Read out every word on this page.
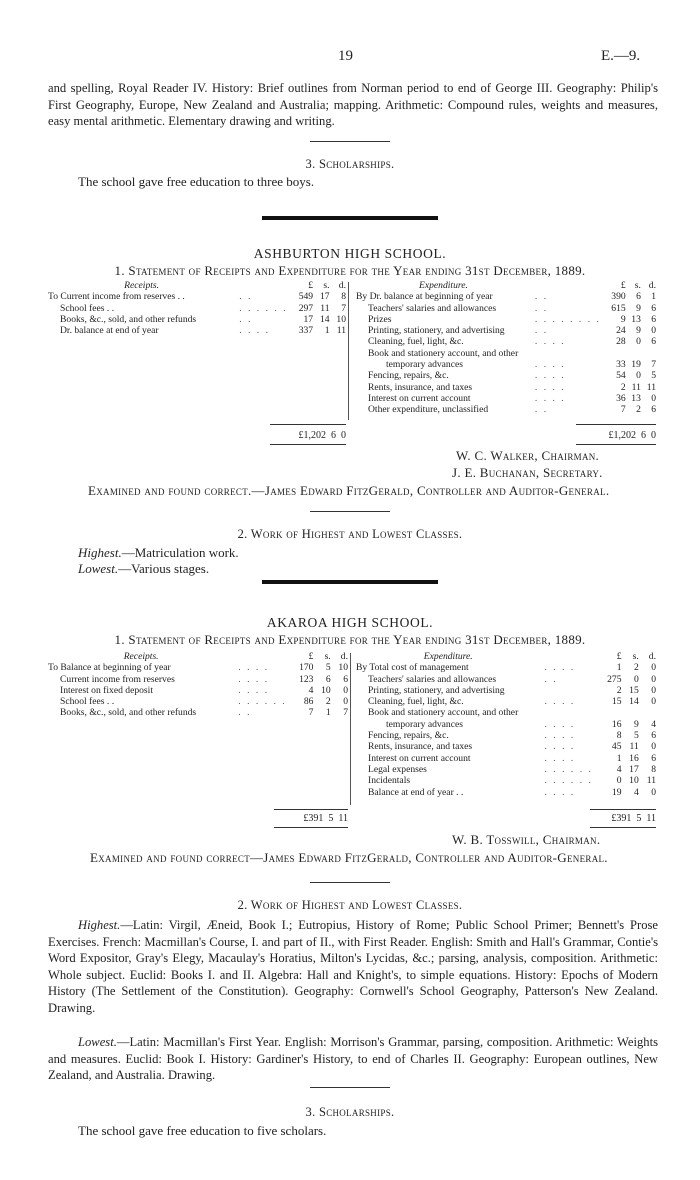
19	E.—9.
and spelling, Royal Reader IV. History: Brief outlines from Norman period to end of George III. Geography: Philip's First Geography, Europe, New Zealand and Australia; mapping. Arithmetic: Compound rules, weights and measures, easy mental arithmetic. Elementary drawing and writing.
3. Scholarships.
The school gave free education to three boys.
ASHBURTON HIGH SCHOOL.
1. Statement of Receipts and Expenditure for the Year ending 31st December, 1889.
Receipts.		£	s.	d.
To Current income from reserves . .	. .	549	17	8
School fees . .	. . . . . .	297	11	7
Books, &c., sold, and other refunds	. .	17	14	10
Dr. balance at end of year	. . . .	337	1	11
Expenditure.		£	s.	d.
By Dr. balance at beginning of year	. .	390	6	1
Teachers' salaries and allowances	. .	615	9	6
Prizes	. . . . . . . .	9	13	6
Printing, stationery, and advertising	. .	24	9	0
Cleaning, fuel, light, &c.	. . . .	28	0	6
Book and stationery account, and other				
temporary advances	. . . .	33	19	7
Fencing, repairs, &c.	. . . .	54	0	5
Rents, insurance, and taxes	. . . .	2	11	11
Interest on current account	. . . .	36	13	0
Other expenditure, unclassified	. .	7	2	6
£1,202 6 0	£1,202 6 0
W. C. Walker, Chairman.
J. E. Buchanan, Secretary.
Examined and found correct.—James Edward FitzGerald, Controller and Auditor-General.
2. Work of Highest and Lowest Classes.
Highest.—Matriculation work.
Lowest.—Various stages.
AKAROA HIGH SCHOOL.
1. Statement of Receipts and Expenditure for the Year ending 31st December, 1889.
Receipts.		£	s.	d.
To Balance at beginning of year	. . . .	170	5	10
Current income from reserves	. . . .	123	6	6
Interest on fixed deposit	. . . .	4	10	0
School fees . .	. . . . . .	86	2	0
Books, &c., sold, and other refunds	. .	7	1	7
Expenditure.		£	s.	d.
By Total cost of management	. . . .	1	2	0
Teachers' salaries and allowances	. .	275	0	0
Printing, stationery, and advertising		2	15	0
Cleaning, fuel, light, &c.	. . . .	15	14	0
Book and stationery account, and other				
temporary advances	. . . .	16	9	4
Fencing, repairs, &c.	. . . .	8	5	6
Rents, insurance, and taxes	. . . .	45	11	0
Interest on current account	. . . .	1	16	6
Legal expenses	. . . . . .	4	17	8
Incidentals	. . . . . .	0	10	11
Balance at end of year . .	. . . .	19	4	0
£391 5 11	£391 5 11
W. B. Tosswill, Chairman.
Examined and found correct—James Edward FitzGerald, Controller and Auditor-General.
2. Work of Highest and Lowest Classes.
Highest.—Latin: Virgil, Æneid, Book I.; Eutropius, History of Rome; Public School Primer; Bennett's Prose Exercises. French: Macmillan's Course, I. and part of II., with First Reader. English: Smith and Hall's Grammar, Contie's Word Expositor, Gray's Elegy, Macaulay's Horatius, Milton's Lycidas, &c.; parsing, analysis, composition. Arithmetic: Whole subject. Euclid: Books I. and II. Algebra: Hall and Knight's, to simple equations. History: Epochs of Modern History (The Settlement of the Constitution). Geography: Cornwell's School Geography, Patterson's New Zealand. Drawing.
Lowest.—Latin: Macmillan's First Year. English: Morrison's Grammar, parsing, composition. Arithmetic: Weights and measures. Euclid: Book I. History: Gardiner's History, to end of Charles II. Geography: European outlines, New Zealand, and Australia. Drawing.
3. Scholarships.
The school gave free education to five scholars.
